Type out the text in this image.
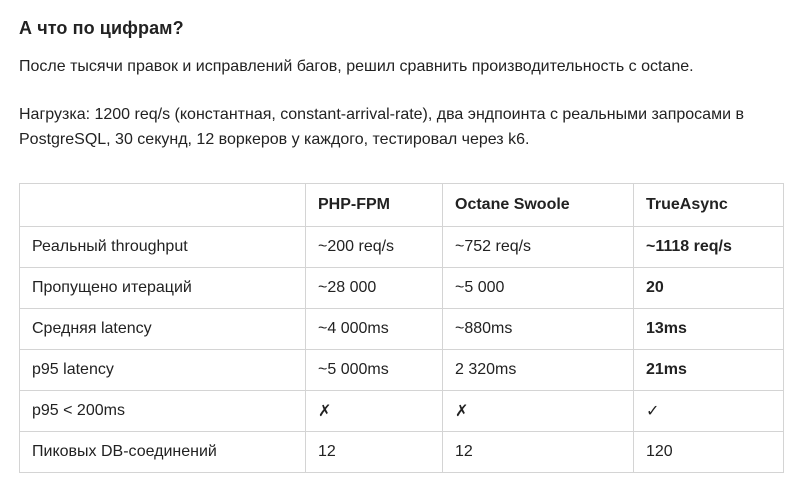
А что по цифрам?
После тысячи правок и исправлений багов, решил сравнить производительность с octane.
Нагрузка: 1200 req/s (константная, constant-arrival-rate), два эндпоинта с реальными запросами в PostgreSQL, 30 секунд, 12 воркеров у каждого, тестировал через k6.
	PHP-FPM	Octane Swoole	TrueAsync
Реальный throughput	~200 req/s	~752 req/s	~1118 req/s
Пропущено итераций	~28 000	~5 000	20
Средняя latency	~4 000ms	~880ms	13ms
p95 latency	~5 000ms	2 320ms	21ms
p95 < 200ms	✗	✗	✓
Пиковых DB-соединений	12	12	120
